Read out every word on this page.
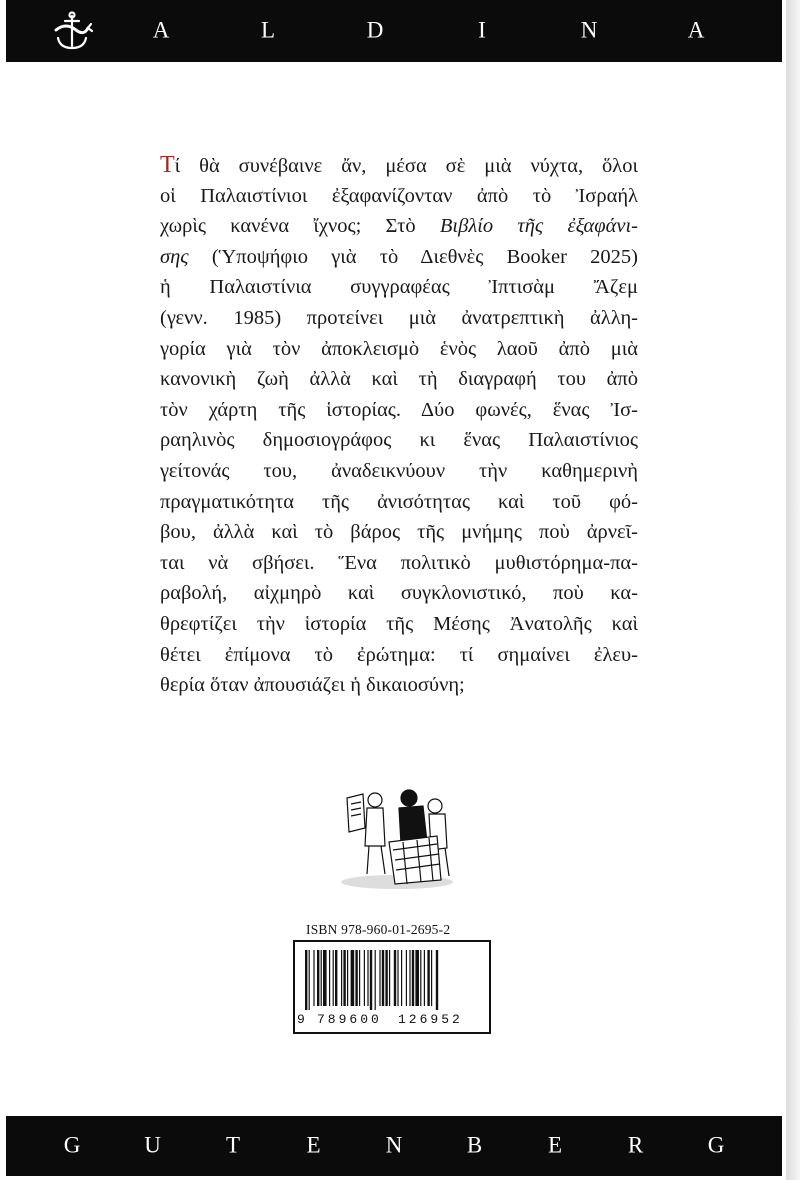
A	L	D	I	N	A
Τί θὰ συνέβαινε ἄν, μέσα σὲ μιὰ νύχτα, ὅλοι
οἱ Παλαιστίνιοι ἐξαφανίζονταν ἀπὸ τὸ Ἰσραήλ
χωρὶς κανένα ἴχνος; Στὸ Βιβλίο τῆς ἐξαφάνι-
σης (Ὑποψήφιο γιὰ τὸ Διεθνὲς Booker 2025)
ἡ Παλαιστίνια συγγραφέας Ἰπτισὰμ Ἄζεμ
(γενν. 1985) προτείνει μιὰ ἀνατρεπτικὴ ἀλλη-
γορία γιὰ τὸν ἀποκλεισμὸ ἑνὸς λαοῦ ἀπὸ μιὰ
κανονικὴ ζωὴ ἀλλὰ καὶ τὴ διαγραφή του ἀπὸ
τὸν χάρτη τῆς ἱστορίας. Δύο φωνές, ἕνας Ἰσ-
ραηλινὸς δημοσιογράφος κι ἕνας Παλαιστίνιος
γείτονάς του, ἀναδεικνύουν τὴν καθημερινὴ
πραγματικότητα τῆς ἀνισότητας καὶ τοῦ φό-
βου, ἀλλὰ καὶ τὸ βάρος τῆς μνήμης ποὺ ἀρνεῖ-
ται νὰ σβήσει. Ἕνα πολιτικὸ μυθιστόρημα-πα-
ραβολή, αἰχμηρὸ καὶ συγκλονιστικό, ποὺ κα-
θρεφτίζει τὴν ἱστορία τῆς Μέσης Ἀνατολῆς καὶ
θέτει ἐπίμονα τὸ ἐρώτημα: τί σημαίνει ἐλευ-
θερία ὅταν ἀπουσιάζει ἡ δικαιοσύνη;
ISBN 978-960-01-2695-2
9 789600 126952
G	U	T	E	N	B	E	R	G
